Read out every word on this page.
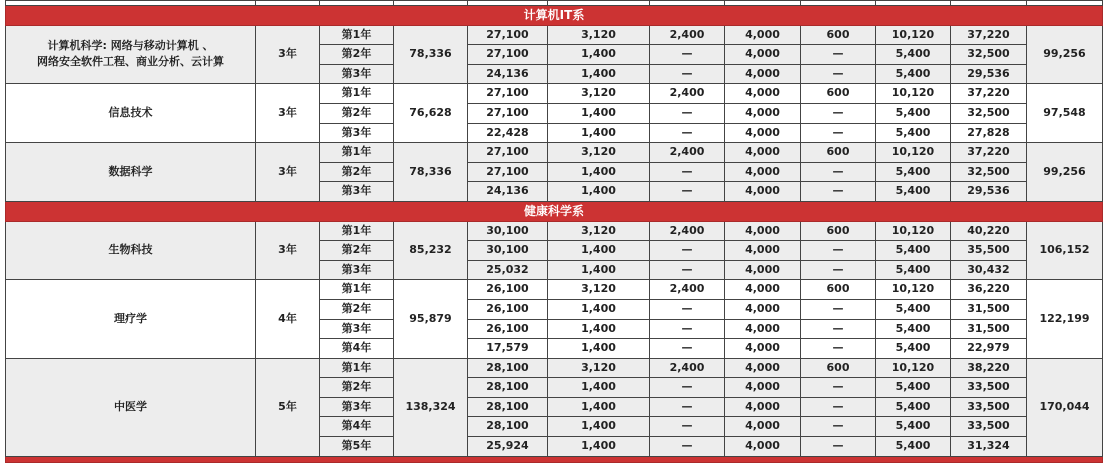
计算机IT系											
计算机科学: 网络与移动计算机 、
网络安全软件工程、商业分析、云计算	3年	第1年	78,336	27,100	3,120	2,400	4,000	600	10,120	37,220	99,256
		第2年		27,100	1,400	—	4,000	—	5,400	32,500	
		第3年		24,136	1,400	—	4,000	—	5,400	29,536	
信息技术	3年	第1年	76,628	27,100	3,120	2,400	4,000	600	10,120	37,220	97,548
		第2年		27,100	1,400	—	4,000	—	5,400	32,500	
		第3年		22,428	1,400	—	4,000	—	5,400	27,828	
数据科学	3年	第1年	78,336	27,100	3,120	2,400	4,000	600	10,120	37,220	99,256
		第2年		27,100	1,400	—	4,000	—	5,400	32,500	
		第3年		24,136	1,400	—	4,000	—	5,400	29,536	
健康科学系											
生物科技	3年	第1年	85,232	30,100	3,120	2,400	4,000	600	10,120	40,220	106,152
		第2年		30,100	1,400	—	4,000	—	5,400	35,500	
		第3年		25,032	1,400	—	4,000	—	5,400	30,432	
理疗学	4年	第1年	95,879	26,100	3,120	2,400	4,000	600	10,120	36,220	122,199
		第2年		26,100	1,400	—	4,000	—	5,400	31,500	
		第3年		26,100	1,400	—	4,000	—	5,400	31,500	
		第4年		17,579	1,400	—	4,000	—	5,400	22,979	
中医学	5年	第1年	138,324	28,100	3,120	2,400	4,000	600	10,120	38,220	170,044
		第2年		28,100	1,400	—	4,000	—	5,400	33,500	
		第3年		28,100	1,400	—	4,000	—	5,400	33,500	
		第4年		28,100	1,400	—	4,000	—	5,400	33,500	
		第5年		25,924	1,400	—	4,000	—	5,400	31,324	
